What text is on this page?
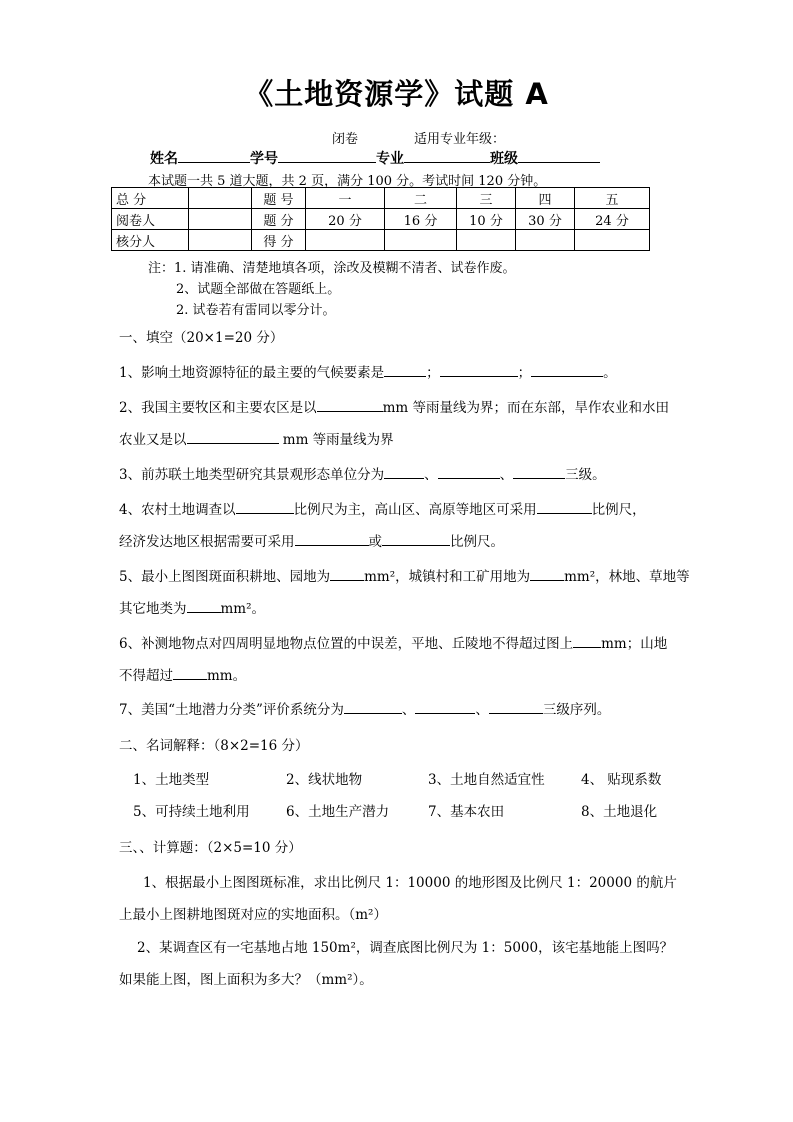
《土地资源学》试题 A
闭卷	适用专业年级：
姓名	学号	专业	班级
本试题一共 5 道大题，共 2 页，满分 100 分。考试时间 120 分钟。
总 分		题 号	一	二	三	四	五
阅卷人		题 分	20 分	16 分	10 分	30 分	24 分
核分人		得 分					
注：1. 请准确、清楚地填各项，涂改及模糊不清者、试卷作废。
2、试题全部做在答题纸上。
2. 试卷若有雷同以零分计。
一、填空（20×1=20 分）
1、影响土地资源特征的最主要的气候要素是	；	；	。
2、我国主要牧区和主要农区是以	mm 等雨量线为界；而在东部，旱作农业和水田
农业又是以	mm 等雨量线为界
3、前苏联土地类型研究其景观形态单位分为	、	、	三级。
4、农村土地调查以	比例尺为主，高山区、高原等地区可采用	比例尺，
经济发达地区根据需要可采用	或	比例尺。
5、最小上图图斑面积耕地、园地为	mm²，城镇村和工矿用地为	mm²，林地、草地等
其它地类为	mm²。
6、补测地物点对四周明显地物点位置的中误差，平地、丘陵地不得超过图上 mm；山地
不得超过	mm。
7、美国“土地潜力分类”评价系统分为	、	、	三级序列。
二、名词解释：（8×2=16 分）
1、土地类型	2、线状地物	3、土地自然适宜性	4、 贴现系数
5、可持续土地利用	6、土地生产潜力	7、基本农田	8、土地退化
三、、计算题：（2×5=10 分）
1、根据最小上图图斑标准，求出比例尺 1：10000 的地形图及比例尺 1：20000 的航片
上最小上图耕地图斑对应的实地面积。（m²）
2、某调查区有一宅基地占地 150m²，调查底图比例尺为 1：5000，该宅基地能上图吗？
如果能上图，图上面积为多大？（mm²）。
